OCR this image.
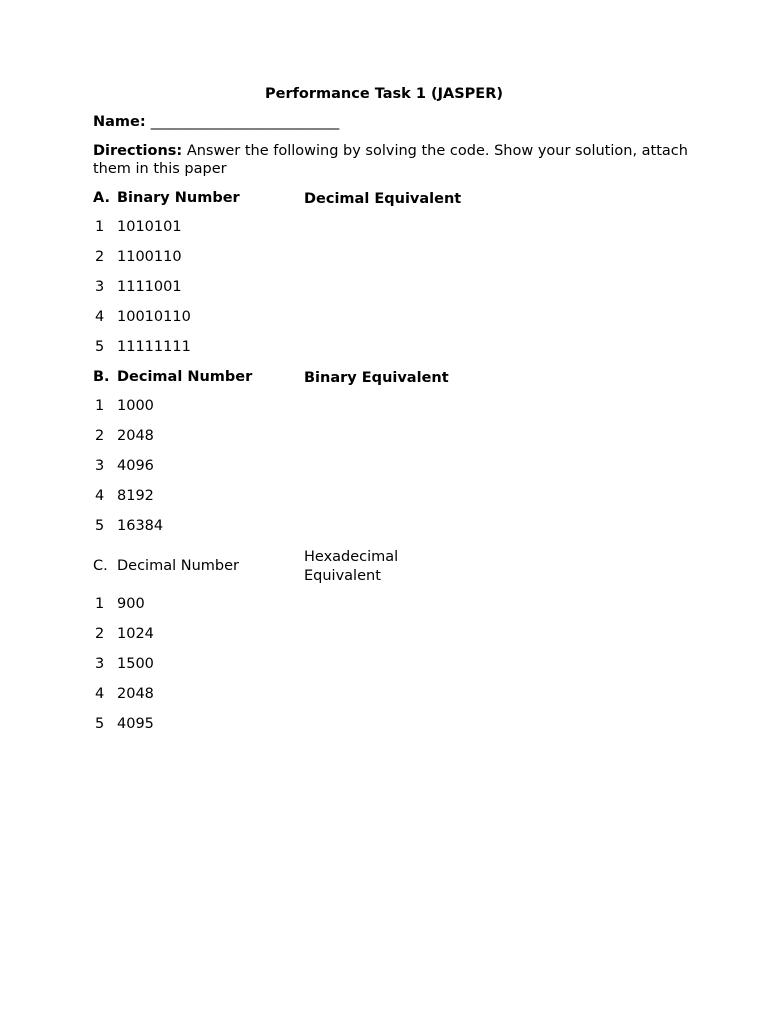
Performance Task 1 (JASPER)
Name: __________________________
Directions: Answer the following by solving the code. Show your solution, attach them in this paper
A. Binary Number	Decimal Equivalent
1 1010101
2 1100110
3 1111001
4 10010110
5 11111111
B. Decimal Number	Binary Equivalent
1 1000
2 2048
3 4096
4 8192
5 16384
C. Decimal Number
Hexadecimal
Equivalent
1 900
2 1024
3 1500
4 2048
5 4095
